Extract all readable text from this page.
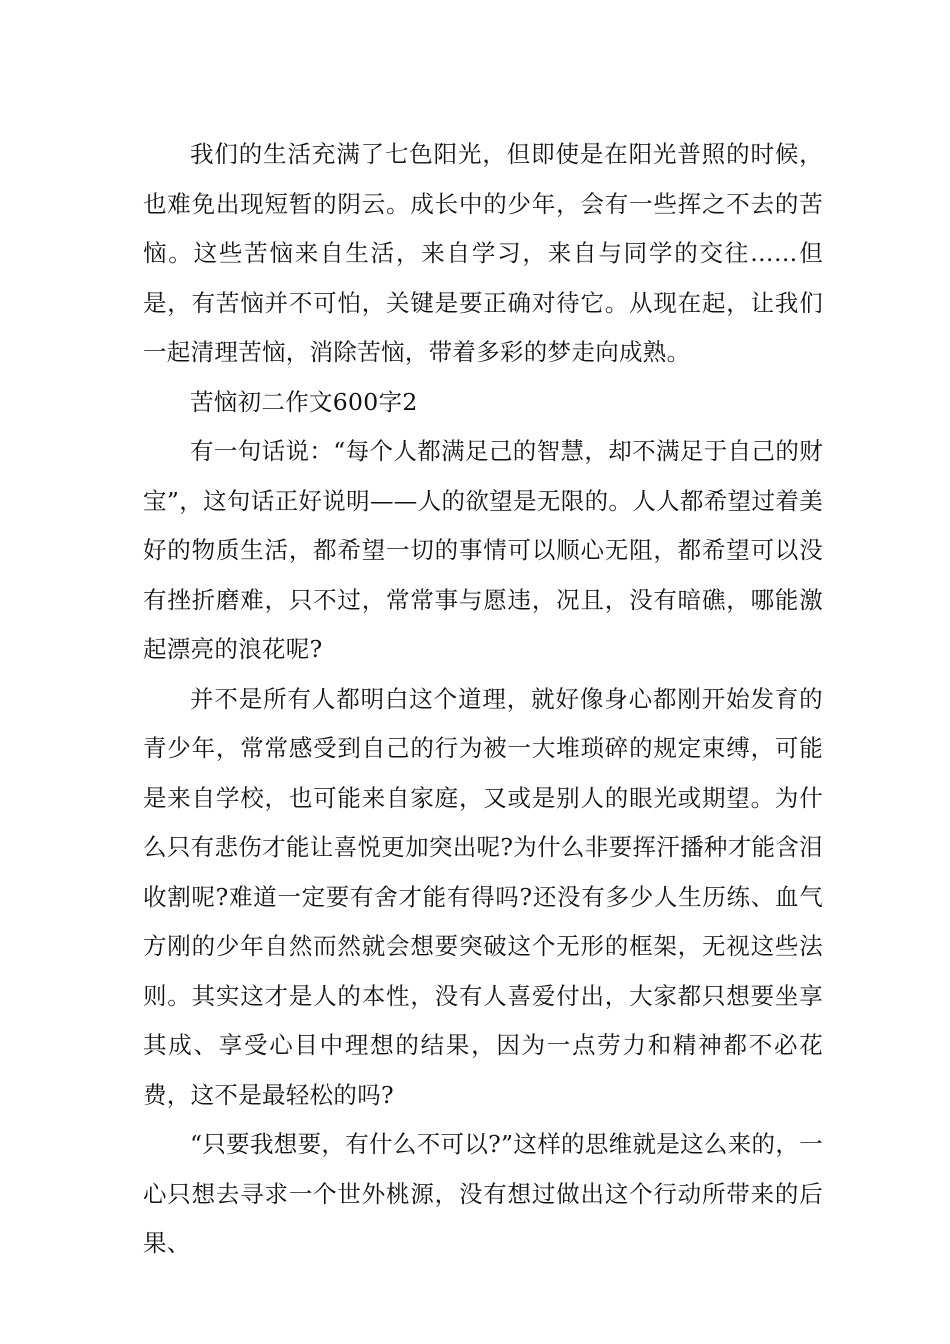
我们的生活充满了七色阳光，但即使是在阳光普照的时候，也难免出现短暂的阴云。成长中的少年，会有一些挥之不去的苦恼。这些苦恼来自生活，来自学习，来自与同学的交往……但是，有苦恼并不可怕，关键是要正确对待它。从现在起，让我们一起清理苦恼，消除苦恼，带着多彩的梦走向成熟。

苦恼初二作文600字2

有一句话说：“每个人都满足己的智慧，却不满足于自己的财宝”，这句话正好说明——人的欲望是无限的。人人都希望过着美好的物质生活，都希望一切的事情可以顺心无阻，都希望可以没有挫折磨难，只不过，常常事与愿违，况且，没有暗礁，哪能激起漂亮的浪花呢?

并不是所有人都明白这个道理，就好像身心都刚开始发育的青少年，常常感受到自己的行为被一大堆琐碎的规定束缚，可能是来自学校，也可能来自家庭，又或是别人的眼光或期望。为什么只有悲伤才能让喜悦更加突出呢?为什么非要挥汗播种才能含泪收割呢?难道一定要有舍才能有得吗?还没有多少人生历练、血气方刚的少年自然而然就会想要突破这个无形的框架，无视这些法则。其实这才是人的本性，没有人喜爱付出，大家都只想要坐享其成、享受心目中理想的结果，因为一点劳力和精神都不必花费，这不是最轻松的吗?

“只要我想要，有什么不可以?”这样的思维就是这么来的，一心只想去寻求一个世外桃源，没有想过做出这个行动所带来的后果、
